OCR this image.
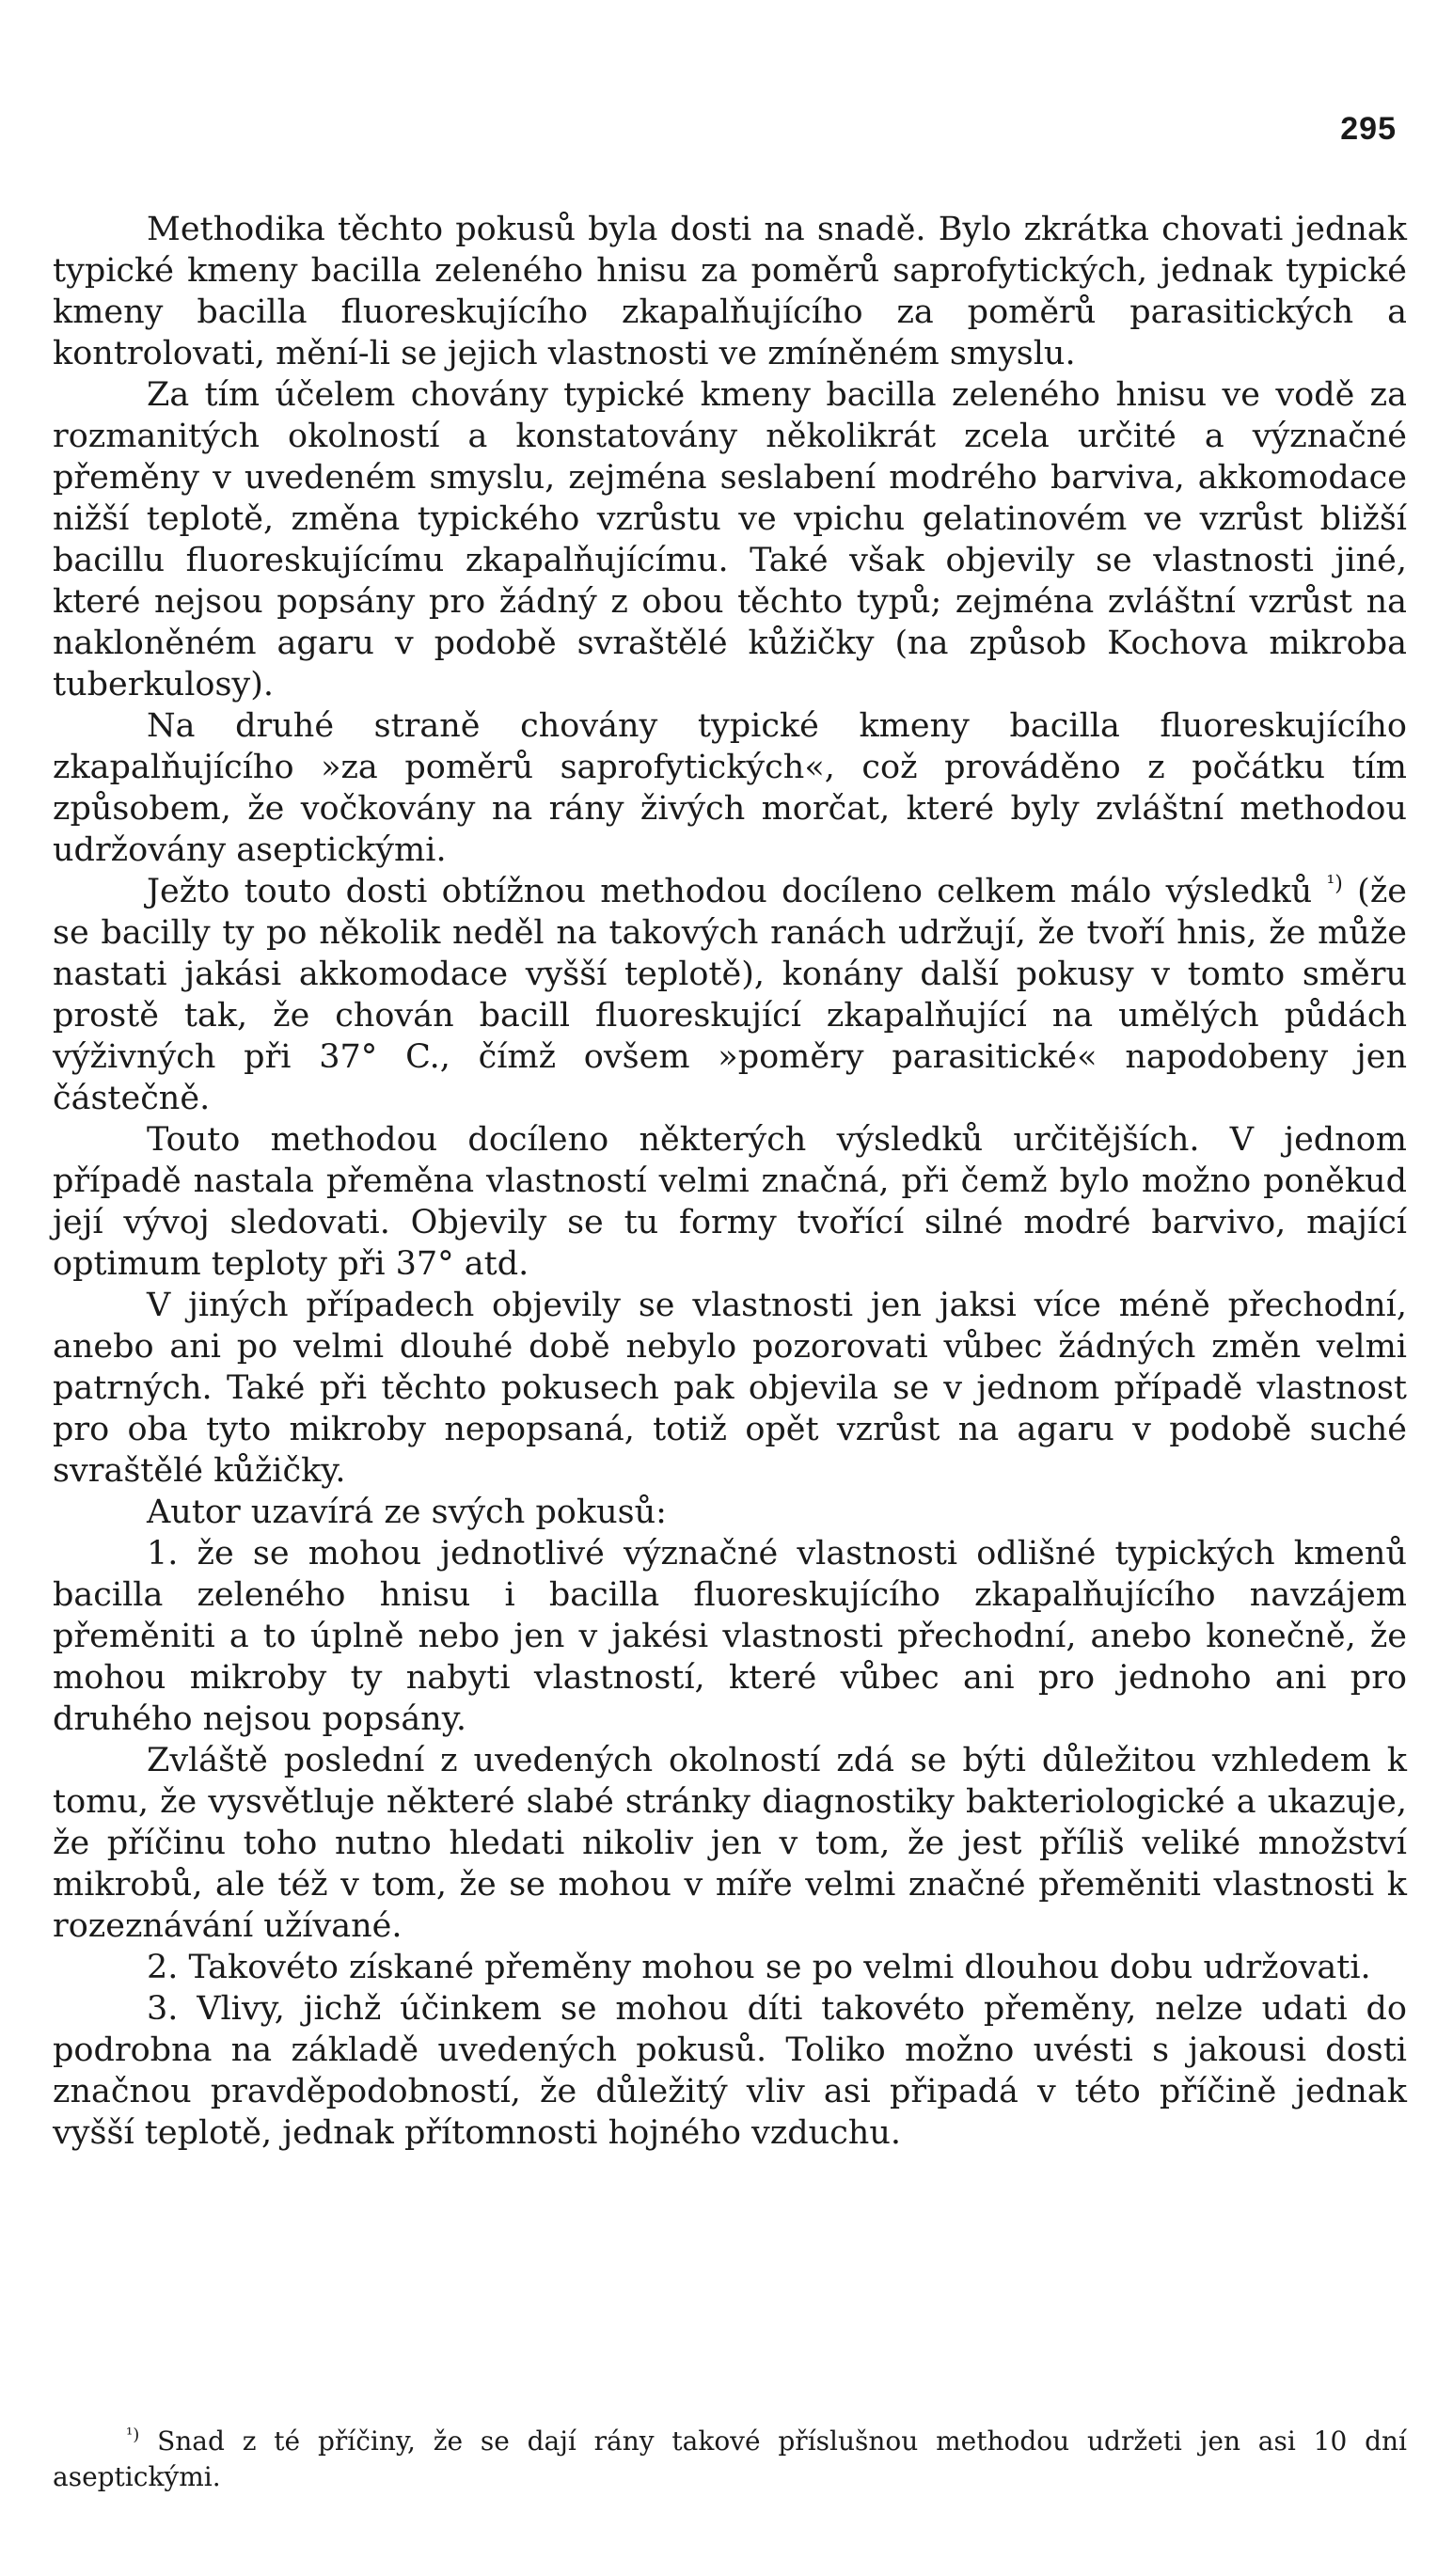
295

Methodika těchto pokusů byla dosti na snadě. Bylo zkrátka chovati jednak typické kmeny bacilla zeleného hnisu za poměrů saprofytických, jednak typické kmeny bacilla fluoreskujícího zkapalňujícího za poměrů parasitických a kontrolovati, mění-li se jejich vlastnosti ve zmíněném smyslu.

Za tím účelem chovány typické kmeny bacilla zeleného hnisu ve vodě za rozmanitých okolností a konstatovány několikrát zcela určité a význačné přeměny v uvedeném smyslu, zejména seslabení modrého barviva, akkomodace nižší teplotě, změna typického vzrůstu ve vpichu gelatinovém ve vzrůst bližší bacillu fluoreskujícímu zkapalňujícímu. Také však objevily se vlastnosti jiné, které nejsou popsány pro žádný z obou těchto typů; zejména zvláštní vzrůst na nakloněném agaru v podobě svraštělé kůžičky (na způsob Kochova mikroba tuberkulosy).

Na druhé straně chovány typické kmeny bacilla fluoreskujícího zkapalňujícího »za poměrů saprofytických«, což prováděno z počátku tím způsobem, že vočkovány na rány živých morčat, které byly zvláštní methodou udržovány aseptickými.

Ježto touto dosti obtížnou methodou docíleno celkem málo výsledků $^{^1)}$ (že se bacilly ty po několik neděl na takových ranách udržují, že tvoří hnis, že může nastati jakási akkomodace vyšší teplotě), konány další pokusy v tomto směru prostě tak, že chován bacill fluoreskující zkapalňující na umělých půdách výživných při 37° C., čímž ovšem »poměry parasitické« napodobeny jen částečně.

Touto methodou docíleno některých výsledků určitějších. V jednom případě nastala přeměna vlastností velmi značná, při čemž bylo možno poněkud její vývoj sledovati. Objevily se tu formy tvořící silné modré barvivo, mající optimum teploty při 37° atd.

V jiných případech objevily se vlastnosti jen jaksi více méně přechodní, anebo ani po velmi dlouhé době nebylo pozorovati vůbec žádných změn velmi patrných. Také při těchto pokusech pak objevila se v jednom případě vlastnost pro oba tyto mikroby nepopsaná, totiž opět vzrůst na agaru v podobě suché svraštělé kůžičky.

Autor uzavírá ze svých pokusů:

1. že se mohou jednotlivé význačné vlastnosti odlišné typických kmenů bacilla zeleného hnisu i bacilla fluoreskujícího zkapalňujícího navzájem přeměniti a to úplně nebo jen v jakési vlastnosti přechodní, anebo konečně, že mohou mikroby ty nabyti vlastností, které vůbec ani pro jednoho ani pro druhého nejsou popsány.

Zvláště poslední z uvedených okolností zdá se býti důležitou vzhledem k tomu, že vysvětluje některé slabé stránky diagnostiky bakteriologické a ukazuje, že příčinu toho nutno hledati nikoliv jen v tom, že jest příliš veliké množství mikrobů, ale též v tom, že se mohou v míře velmi značné přeměniti vlastnosti k rozeznávání užívané.

2. Takovéto získané přeměny mohou se po velmi dlouhou dobu udržovati.

3. Vlivy, jichž účinkem se mohou díti takovéto přeměny, nelze udati do podrobna na základě uvedených pokusů. Toliko možno uvésti s jakousi dosti značnou pravděpodobností, že důležitý vliv asi připadá v této příčině jednak vyšší teplotě, jednak přítomnosti hojného vzduchu.

$^{^1)}$ Snad z té příčiny, že se dají rány takové příslušnou methodou udržeti jen asi 10 dní aseptickými.
